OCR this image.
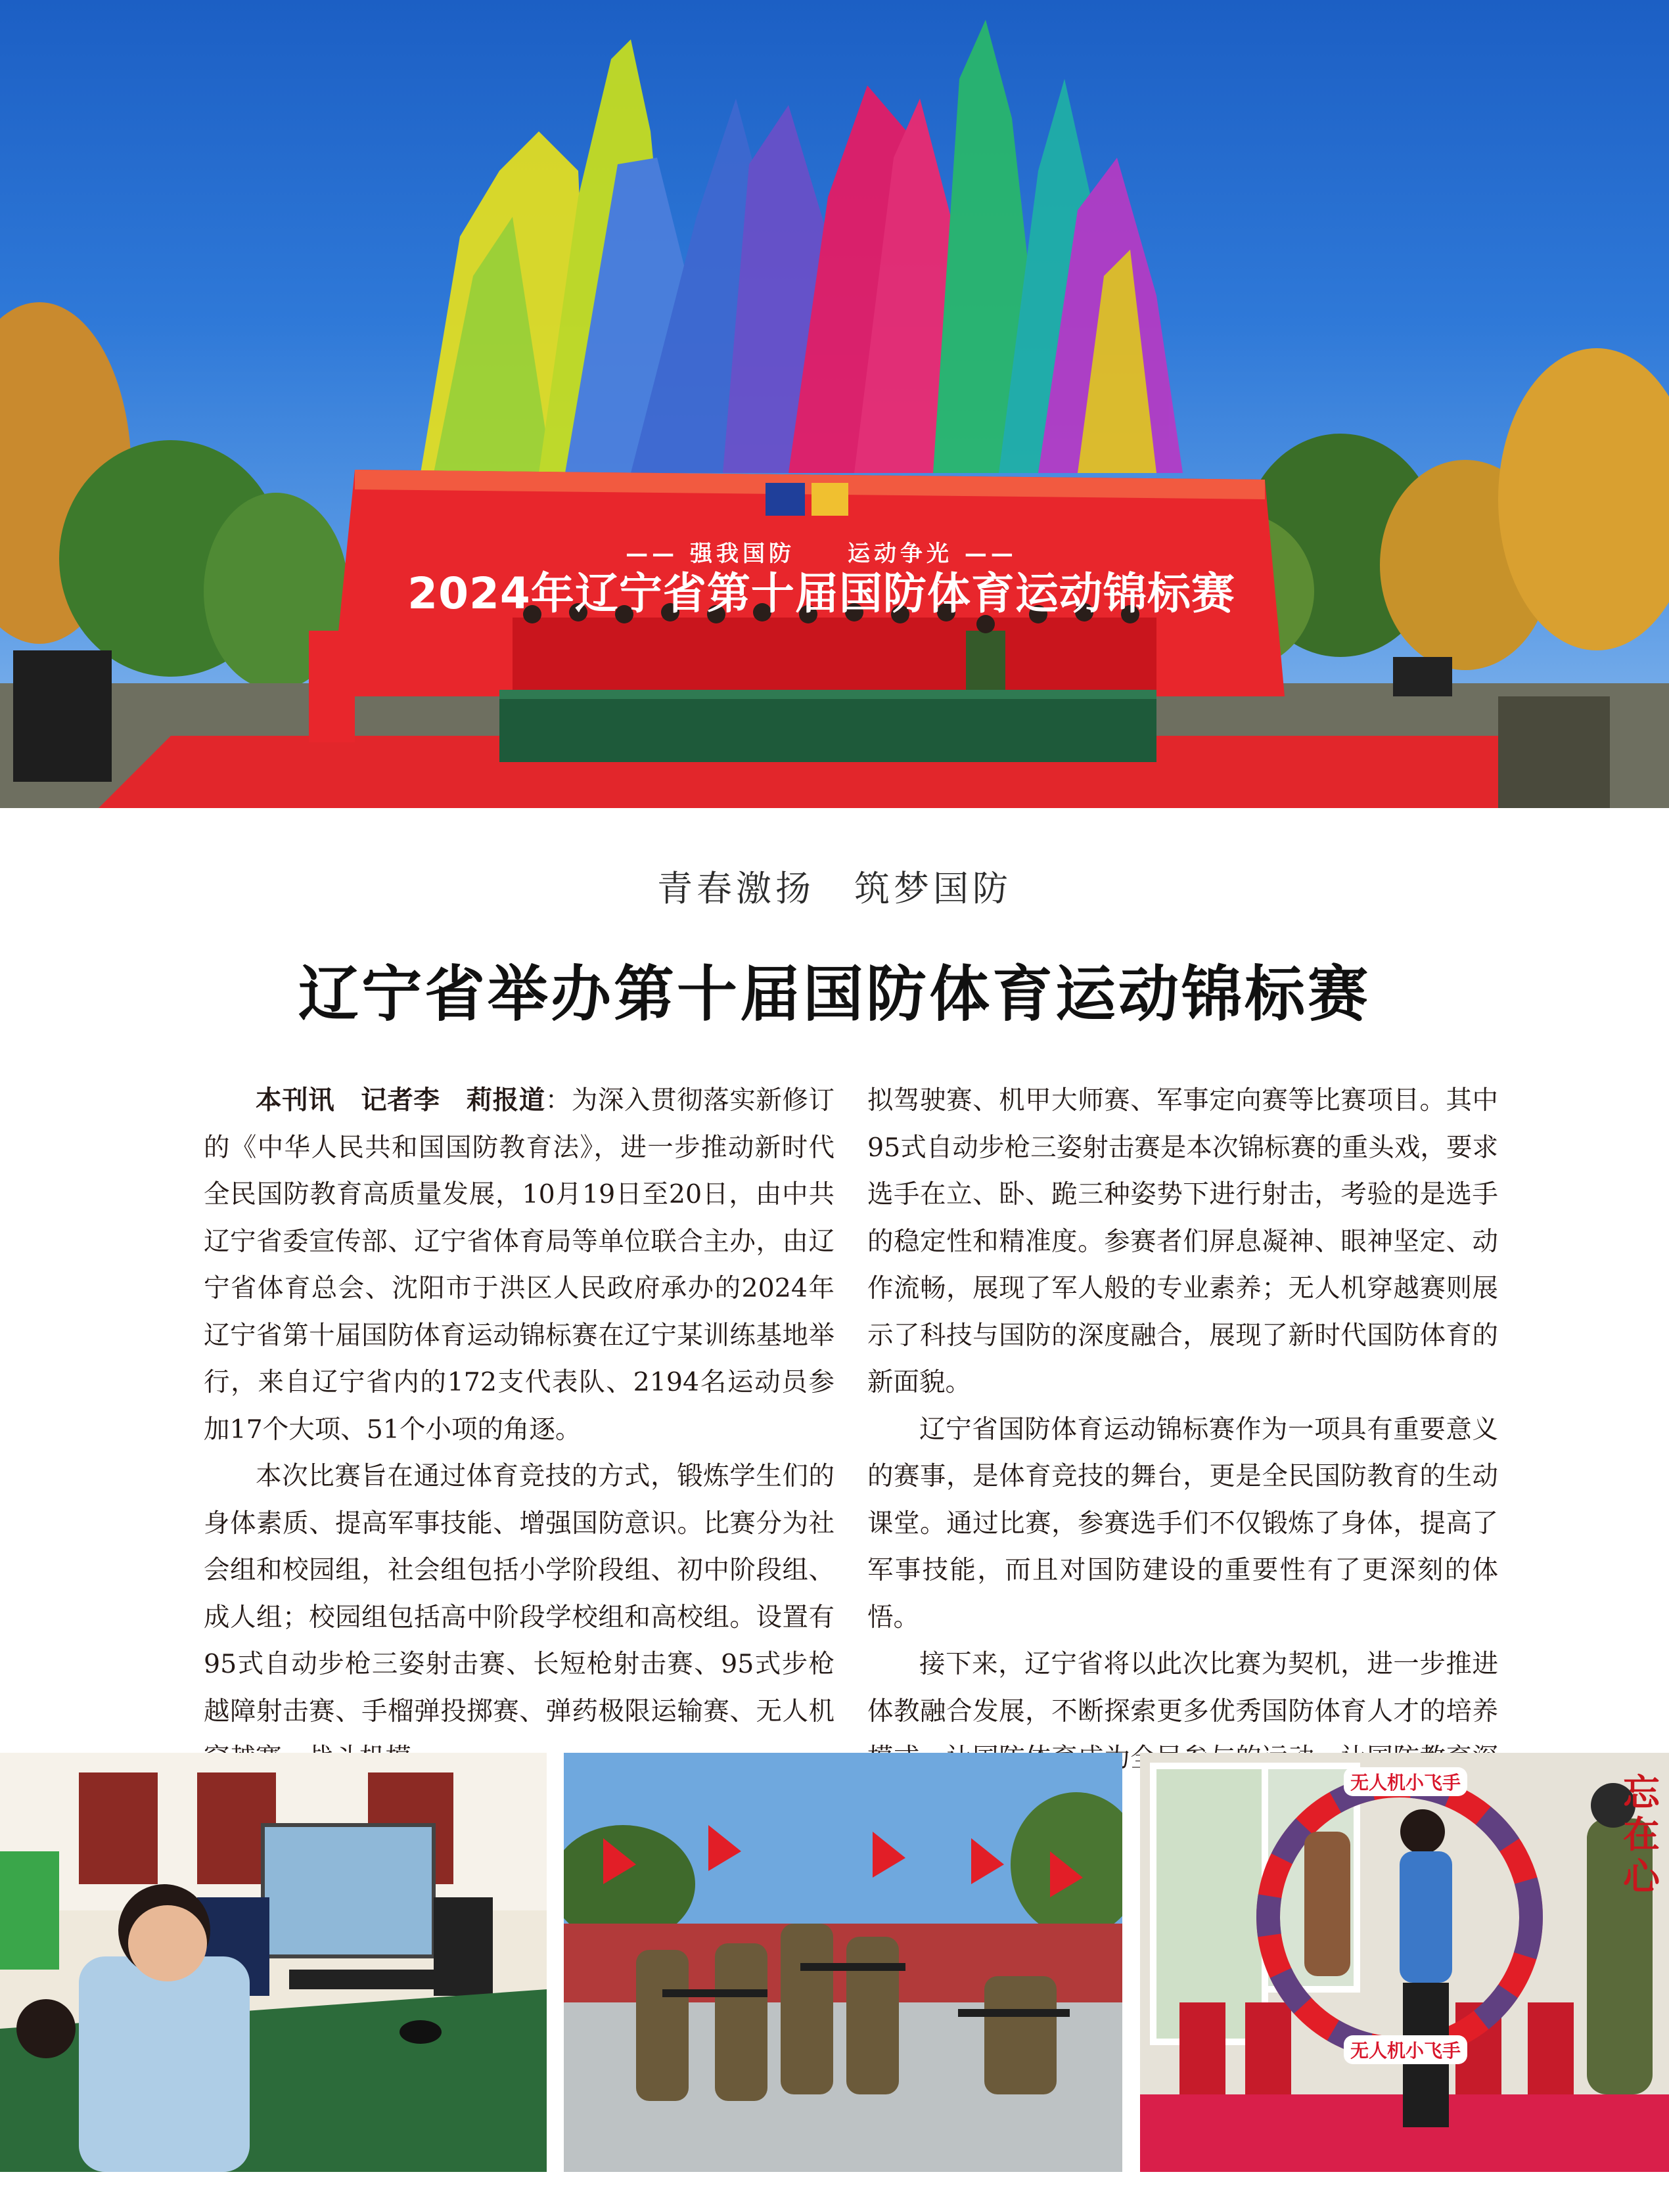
—— 强我国防　　运动争光 ——
2024年辽宁省第十届国防体育运动锦标赛
青春激扬　筑梦国防
辽宁省举办第十届国防体育运动锦标赛

本刊讯　记者李　莉报道：为深入贯彻落实新修订的《中华人民共和国国防教育法》，进一步推动新时代全民国防教育高质量发展，10月19日至20日，由中共辽宁省委宣传部、辽宁省体育局等单位联合主办，由辽宁省体育总会、沈阳市于洪区人民政府承办的2024年辽宁省第十届国防体育运动锦标赛在辽宁某训练基地举行，来自辽宁省内的172支代表队、2194名运动员参加17个大项、51个小项的角逐。

本次比赛旨在通过体育竞技的方式，锻炼学生们的身体素质、提高军事技能、增强国防意识。比赛分为社会组和校园组，社会组包括小学阶段组、初中阶段组、成人组；校园组包括高中阶段学校组和高校组。设置有95式自动步枪三姿射击赛、长短枪射击赛、95式步枪越障射击赛、手榴弹投掷赛、弹药极限运输赛、无人机

拟驾驶赛、机甲大师赛、军事定向赛等比赛项目。其中95式自动步枪三姿射击赛是本次锦标赛的重头戏，要求选手在立、卧、跪三种姿势下进行射击，考验的是选手的稳定性和精准度。参赛者们屏息凝神、眼神坚定、动作流畅，展现了军人般的专业素养；无人机穿越赛则展示了科技与国防的深度融合，展现了新时代国防体育的新面貌。

辽宁省国防体育运动锦标赛作为一项具有重要意义的赛事，是体育竞技的舞台，更是全民国防教育的生动课堂。通过比赛，参赛选手们不仅锻炼了身体，提高了军事技能，而且对国防建设的重要性有了更深刻的体悟。

接下来，辽宁省将以此次比赛为契机，进一步推进体教融合发展，不断探索更多优秀国防体育人才的培养 为全

无人机小飞手
无人机小飞手
忘在心
